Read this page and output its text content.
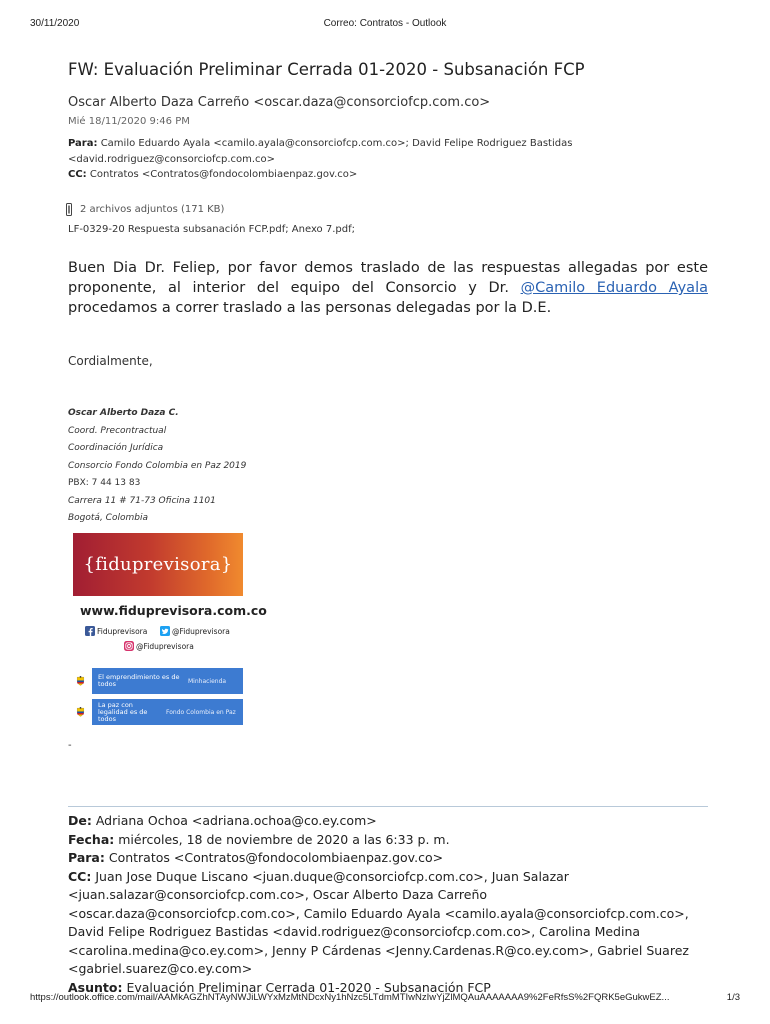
30/11/2020	Correo: Contratos - Outlook
FW: Evaluación Preliminar Cerrada 01-2020 - Subsanación FCP
Oscar Alberto Daza Carreño <oscar.daza@consorciofcp.com.co>
Mié 18/11/2020 9:46 PM
Para: Camilo Eduardo Ayala <camilo.ayala@consorciofcp.com.co>; David Felipe Rodriguez Bastidas
<david.rodriguez@consorciofcp.com.co>
CC: Contratos <Contratos@fondocolombiaenpaz.gov.co>
2 archivos adjuntos (171 KB)
LF-0329-20 Respuesta subsanación FCP.pdf; Anexo 7.pdf;
Buen Dia Dr. Feliep, por favor demos traslado de las respuestas allegadas por este proponente, al interior del equipo del Consorcio y Dr. @Camilo Eduardo Ayala procedamos a correr traslado a las personas delegadas por la D.E.
Cordialmente,
Oscar Alberto Daza C.
Coord. Precontractual
Coordinación Jurídica
Consorcio Fondo Colombia en Paz 2019
PBX: 7 44 13 83
Carrera 11 # 71-73 Oficina 1101
Bogotá, Colombia
{fiduprevisora}
www.fiduprevisora.com.co
Fiduprevisora	@Fiduprevisora
@Fiduprevisora
El emprendimiento es de todos	Minhacienda
La paz con legalidad es de todos
Fondo Colombia en Paz
-
De: Adriana Ochoa <adriana.ochoa@co.ey.com>
Fecha: miércoles, 18 de noviembre de 2020 a las 6:33 p. m.
Para: Contratos <Contratos@fondocolombiaenpaz.gov.co>
CC: Juan Jose Duque Liscano <juan.duque@consorciofcp.com.co>, Juan Salazar <juan.salazar@consorciofcp.com.co>, Oscar Alberto Daza Carreño <oscar.daza@consorciofcp.com.co>, Camilo Eduardo Ayala <camilo.ayala@consorciofcp.com.co>, David Felipe Rodriguez Bastidas <david.rodriguez@consorciofcp.com.co>, Carolina Medina <carolina.medina@co.ey.com>, Jenny P Cárdenas <Jenny.Cardenas.R@co.ey.com>, Gabriel Suarez <gabriel.suarez@co.ey.com>
Asunto: Evaluación Preliminar Cerrada 01-2020 - Subsanación FCP
https://outlook.office.com/mail/AAMkAGZhNTAyNWJiLWYxMzMtNDcxNy1hNzc5LTdmMTIwNzIwYjZlMQAuAAAAAAA9%2FeRfsS%2FQRK5eGukwEZ...	1/3
